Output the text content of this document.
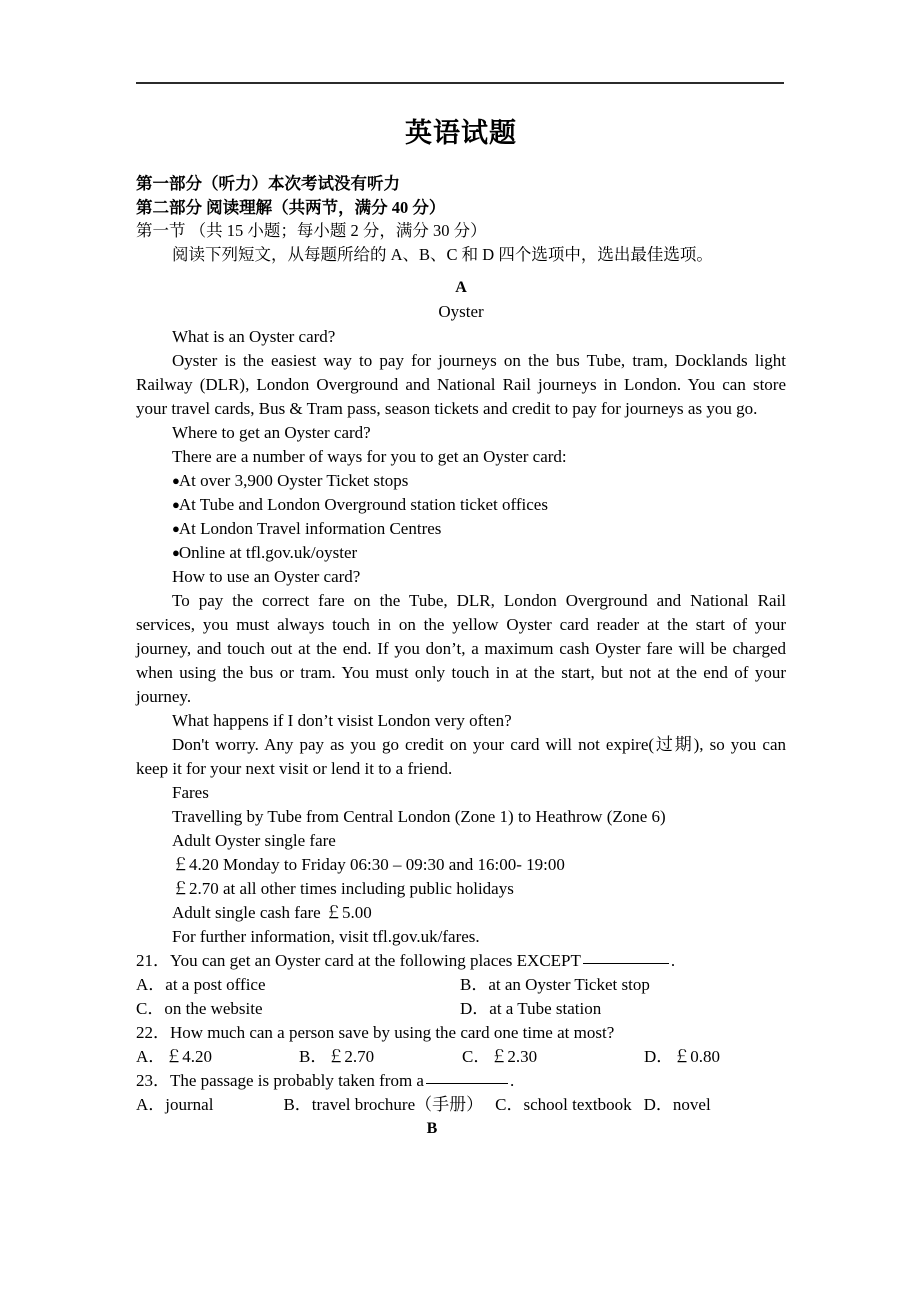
英语试题

第一部分（听力）本次考试没有听力

第二部分 阅读理解（共两节，满分 40 分）

第一节 （共 15 小题；每小题 2 分，满分 30 分）

阅读下列短文，从每题所给的 A、B、C 和 D 四个选项中，选出最佳选项。

A

Oyster

What is an Oyster card?

Oyster is the easiest way to pay for journeys on the bus Tube, tram, Docklands light Railway (DLR), London Overground and National Rail journeys in London. You can store your travel cards, Bus & Tram pass, season tickets and credit to pay for journeys as you go.

Where to get an Oyster card?

There are a number of ways for you to get an Oyster card:

●At over 3,900 Oyster Ticket stops

●At Tube and London Overground station ticket offices

●At London Travel information Centres

●Online at tfl.gov.uk/oyster

How to use an Oyster card?

To pay the correct fare on the Tube, DLR, London Overground and National Rail services, you must always touch in on the yellow Oyster card reader at the start of your journey, and touch out at the end. If you don’t, a maximum cash Oyster fare will be charged when using the bus or tram. You must only touch in at the start, but not at the end of your journey.

What happens if I don’t visist London very often?

Don't worry. Any pay as you go credit on your card will not expire(过期), so you can keep it for your next visit or lend it to a friend.

Fares

Travelling by Tube from Central London (Zone 1) to Heathrow (Zone 6)

Adult Oyster single fare

￡4.20 Monday to Friday 06:30 – 09:30 and 16:00- 19:00

￡2.70 at all other times including public holidays

Adult single cash fare ￡5.00

For further information, visit tfl.gov.uk/fares.

21．You can get an Oyster card at the following places EXCEPT	.

A．at a post office	B．at an Oyster Ticket stop
C．on the website	D．at a Tube station

22．How much can a person save by using the card one time at most?

A．￡4.20	B．￡2.70	C．￡2.30	D．￡0.80

23．The passage is probably taken from a	.

A．journal	B．travel brochure（手册） C．school textbook D．novel

B
